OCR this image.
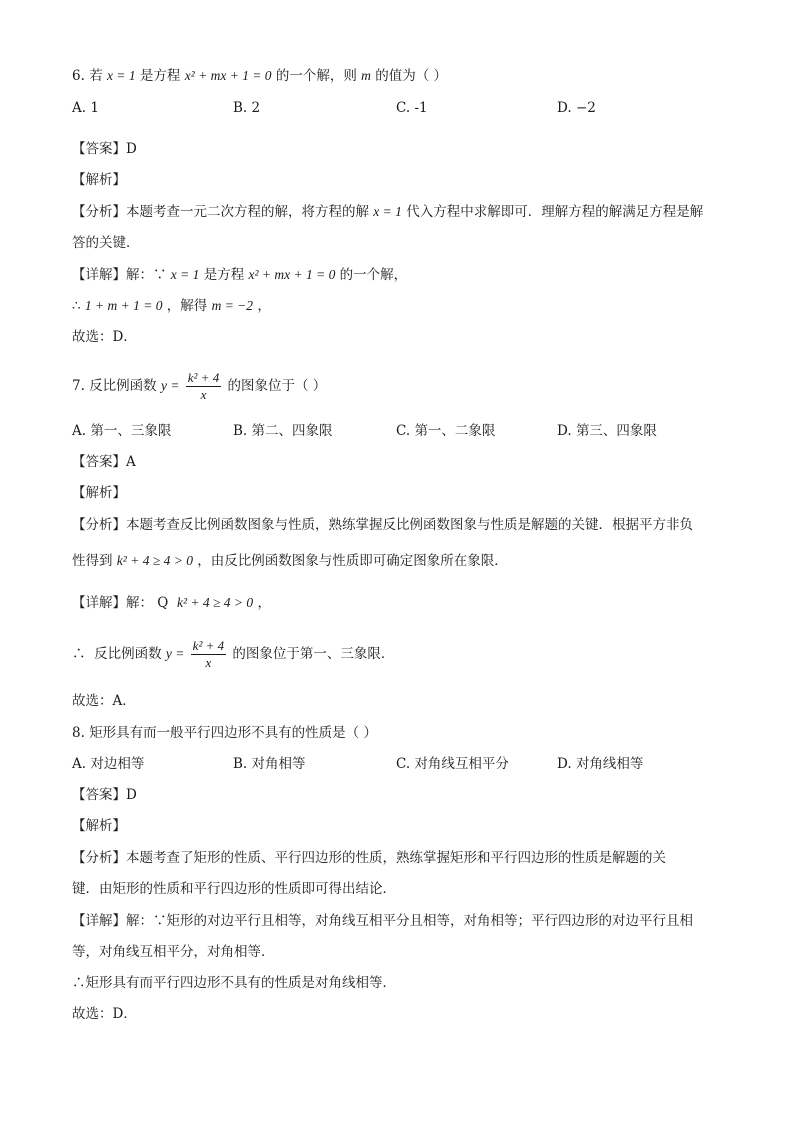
6. 若 x = 1 是方程 x² + mx + 1 = 0 的一个解，则 m 的值为（ ）
A. 1	B. 2	C. -1	D. −2
【答案】D
【解析】
【分析】本题考查一元二次方程的解，将方程的解 x = 1 代入方程中求解即可．理解方程的解满足方程是解
答的关键．
【详解】解：∵ x = 1 是方程 x² + mx + 1 = 0 的一个解，
∴ 1 + m + 1 = 0 ，解得 m = −2 ，
故选：D．
7. 反比例函数 $y = \frac{\text{k² + 4}}{x}$ 的图象位于（ ）
A. 第一、三象限	B. 第二、四象限	C. 第一、二象限	D. 第三、四象限
【答案】A
【解析】
【分析】本题考查反比例函数图象与性质，熟练掌握反比例函数图象与性质是解题的关键．根据平方非负
性得到 k² + 4 ≥ 4 > 0 ，由反比例函数图象与性质即可确定图象所在象限．
【详解】解： Q k² + 4 ≥ 4 > 0 ，
∴ 反比例函数 $y = \frac{\text{k² + 4}}{x}$ 的图象位于第一、三象限．
故选：A．
8. 矩形具有而一般平行四边形不具有的性质是（ ）
A. 对边相等	B. 对角相等	C. 对角线互相平分	D. 对角线相等
【答案】D
【解析】
【分析】本题考查了矩形的性质、平行四边形的性质，熟练掌握矩形和平行四边形的性质是解题的关
键．由矩形的性质和平行四边形的性质即可得出结论．
【详解】解：∵矩形的对边平行且相等，对角线互相平分且相等，对角相等；平行四边形的对边平行且相
等，对角线互相平分，对角相等．
∴矩形具有而平行四边形不具有的性质是对角线相等．
故选：D．
